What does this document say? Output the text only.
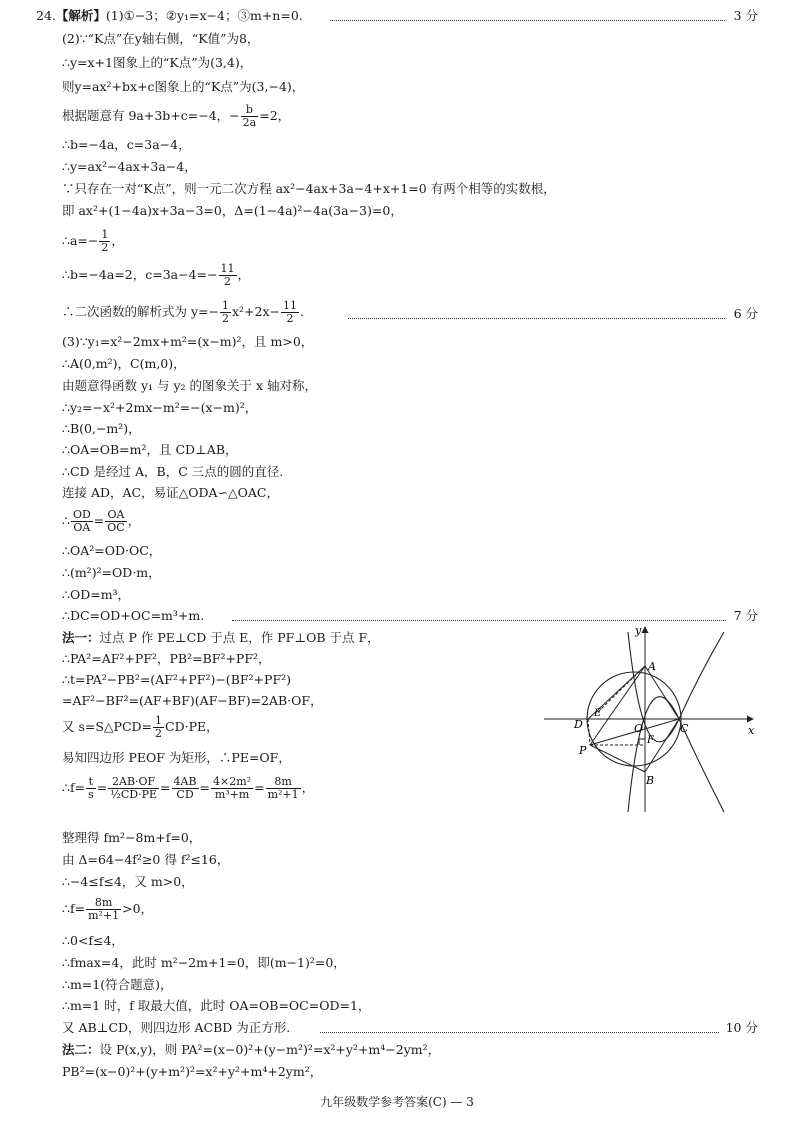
24.【解析】(1)①−3；②y₁=x−4；③m+n=0.	3 分
(2)∵“K点”在y轴右侧，“K值”为8，
∴y=x+1图象上的“K点”为(3,4)，
则y=ax²+bx+c图象上的“K点”为(3,−4)，
根据题意有 9a+3b+c=−4，− $\frac{b}{2a} =2$，
∴b=−4a，c=3a−4，
∴y=ax²−4ax+3a−4，
∵只存在一对“K点”，则一元二次方程 ax²−4ax+3a−4+x+1=0 有两个相等的实数根，
即 ax²+(1−4a)x+3a−3=0，Δ=(1−4a)²−4a(3a−3)=0，
∴a=− $\frac{1}{2}$ ，
∴b=−4a=2，$c=3a-4=- \frac{11}{2}$ ，
∴二次函数的解析式为 $y=- \frac{1}{2} x^2+2x- \frac{11}{2}$ .	6 分
(3)∵y₁=x²−2mx+m²=(x−m)²，且 m>0，
∴A(0,m²)，C(m,0)，
由题意得函数 y₁ 与 y₂ 的图象关于 x 轴对称，
∴y₂=−x²+2mx−m²=−(x−m)²，
∴B(0,−m²)，
∴OA=OB=m²，且 CD⊥AB，
∴CD 是经过 A，B，C 三点的圆的直径.
连接 AD，AC，易证△ODA∽△OAC，
∴ $\frac{OD}{OA} = \frac{OA}{OC}$ ，
∴OA²=OD·OC，
∴(m²)²=OD·m，
∴OD=m³，
∴DC=OD+OC=m³+m.	7 分
法一：过点 P 作 PE⊥CD 于点 E，作 PF⊥OB 于点 F，
∴PA²=AF²+PF²，PB²=BF²+PF²，
∴t=PA²−PB²=(AF²+PF²)−(BF²+PF²)
=AF²−BF²=(AF+BF)(AF−BF)=2AB·OF，
又 s=S△PCD= $\frac{1}{2} CD\cdot PE$，
易知四边形 PEOF 为矩形，∴PE=OF，
∴f= $\frac{t}{s} = \frac{2AB\cdot OF}{\text{½CD·PE}} = \frac{4AB}{CD} = \frac{\text{4×2m²}}{\text{m³+m}} = \frac{8m}{\text{m²+1}}$ ，
整理得 fm²−8m+f=0，
由 Δ=64−4f²≥0 得 f²≤16，
∴−4≤f≤4，又 m>0，
∴f= $\frac{8m}{\text{m²+1}} >0$，
∴0<f≤4，
∴fmax=4，此时 m²−2m+1=0，即(m−1)²=0，
∴m=1(符合题意)，
∴m=1 时，f 取最大值，此时 OA=OB=OC=OD=1，
又 AB⊥CD，则四边形 ACBD 为正方形.	10 分
法二：设 P(x,y)，则 PA²=(x−0)²+(y−m²)²=x²+y²+m⁴−2ym²，
PB²=(x−0)²+(y+m²)²=x²+y²+m⁴+2ym²，
y
x
A
D
E
O	C
P
F
B
九年级数学参考答案(C) — 3
